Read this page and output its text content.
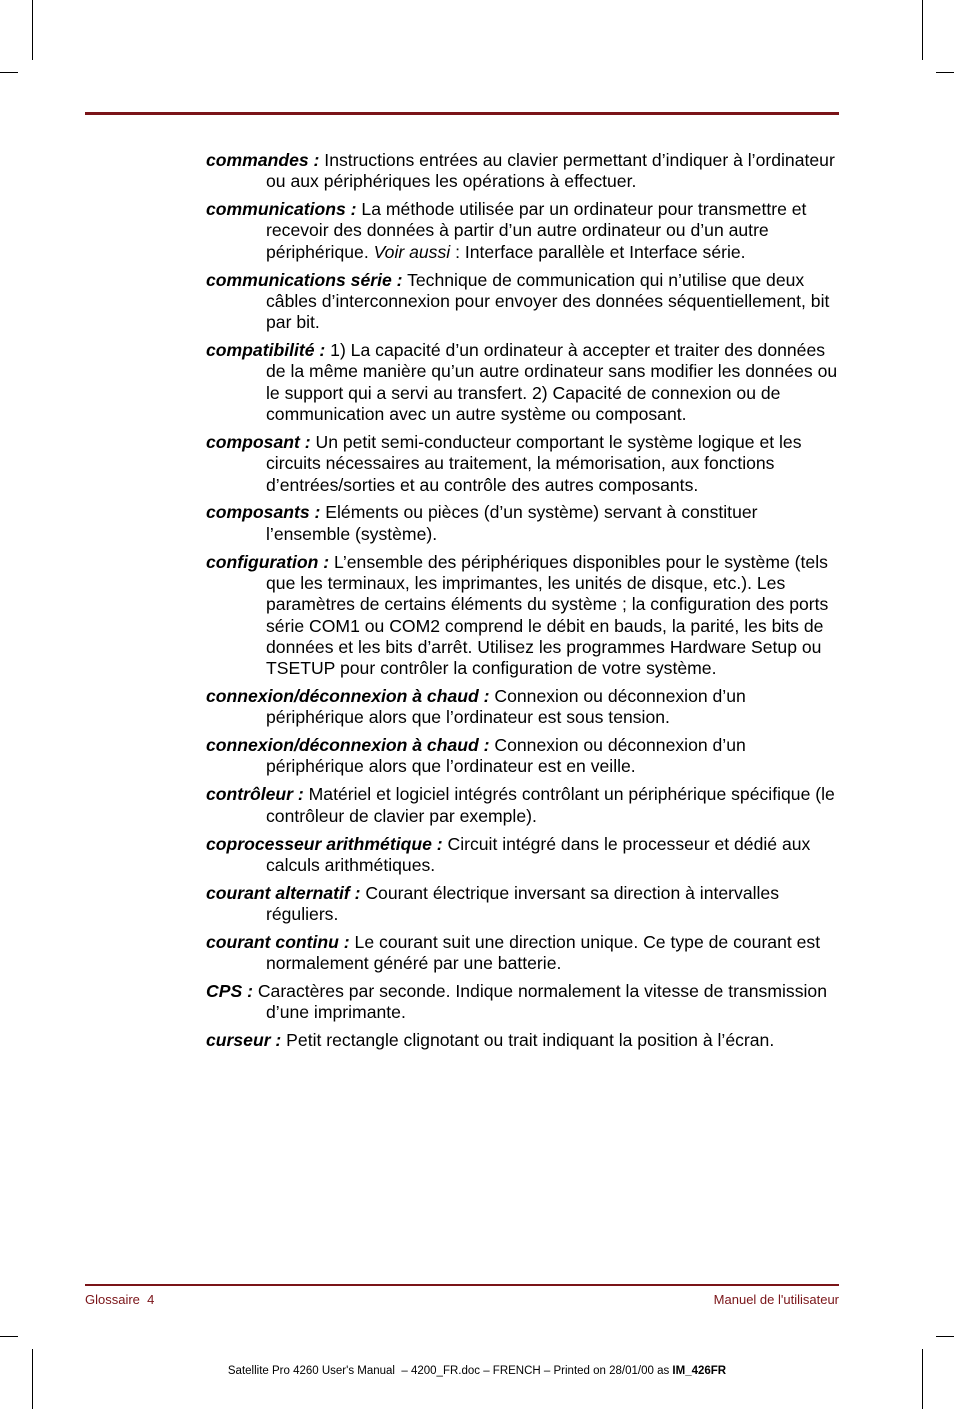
commandes : Instructions entrées au clavier permettant d’indiquer à l’ordinateur ou aux périphériques les opérations à effectuer.

communications : La méthode utilisée par un ordinateur pour transmettre et recevoir des données à partir d’un autre ordinateur ou d’un autre périphérique. Voir aussi : Interface parallèle et Interface série.

communications série : Technique de communication qui n’utilise que deux câbles d’interconnexion pour envoyer des données séquentiellement, bit par bit.

compatibilité : 1) La capacité d’un ordinateur à accepter et traiter des données de la même manière qu’un autre ordinateur sans modifier les données ou le support qui a servi au transfert. 2) Capacité de connexion ou de communication avec un autre système ou composant.

composant : Un petit semi-conducteur comportant le système logique et les circuits nécessaires au traitement, la mémorisation, aux fonctions d’entrées/sorties et au contrôle des autres composants.

composants : Eléments ou pièces (d’un système) servant à constituer l’ensemble (système).

configuration : L’ensemble des périphériques disponibles pour le système (tels que les terminaux, les imprimantes, les unités de disque, etc.). Les paramètres de certains éléments du système ; la configuration des ports série COM1 ou COM2 comprend le débit en bauds, la parité, les bits de données et les bits d’arrêt. Utilisez les programmes Hardware Setup ou TSETUP pour contrôler la configuration de votre système.

connexion/déconnexion à chaud : Connexion ou déconnexion d’un périphérique alors que l’ordinateur est sous tension.

connexion/déconnexion à chaud : Connexion ou déconnexion d’un périphérique alors que l’ordinateur est en veille.

contrôleur : Matériel et logiciel intégrés contrôlant un périphérique spécifique (le contrôleur de clavier par exemple).

coprocesseur arithmétique : Circuit intégré dans le processeur et dédié aux calculs arithmétiques.

courant alternatif : Courant électrique inversant sa direction à intervalles réguliers.

courant continu : Le courant suit une direction unique. Ce type de courant est normalement généré par une batterie.

CPS : Caractères par seconde. Indique normalement la vitesse de transmission d’une imprimante.

curseur : Petit rectangle clignotant ou trait indiquant la position à l’écran.

Glossaire  4	Manuel de l'utilisateur
Satellite Pro 4260 User's Manual  – 4200_FR.doc – FRENCH – Printed on 28/01/00 as IM_426FR
